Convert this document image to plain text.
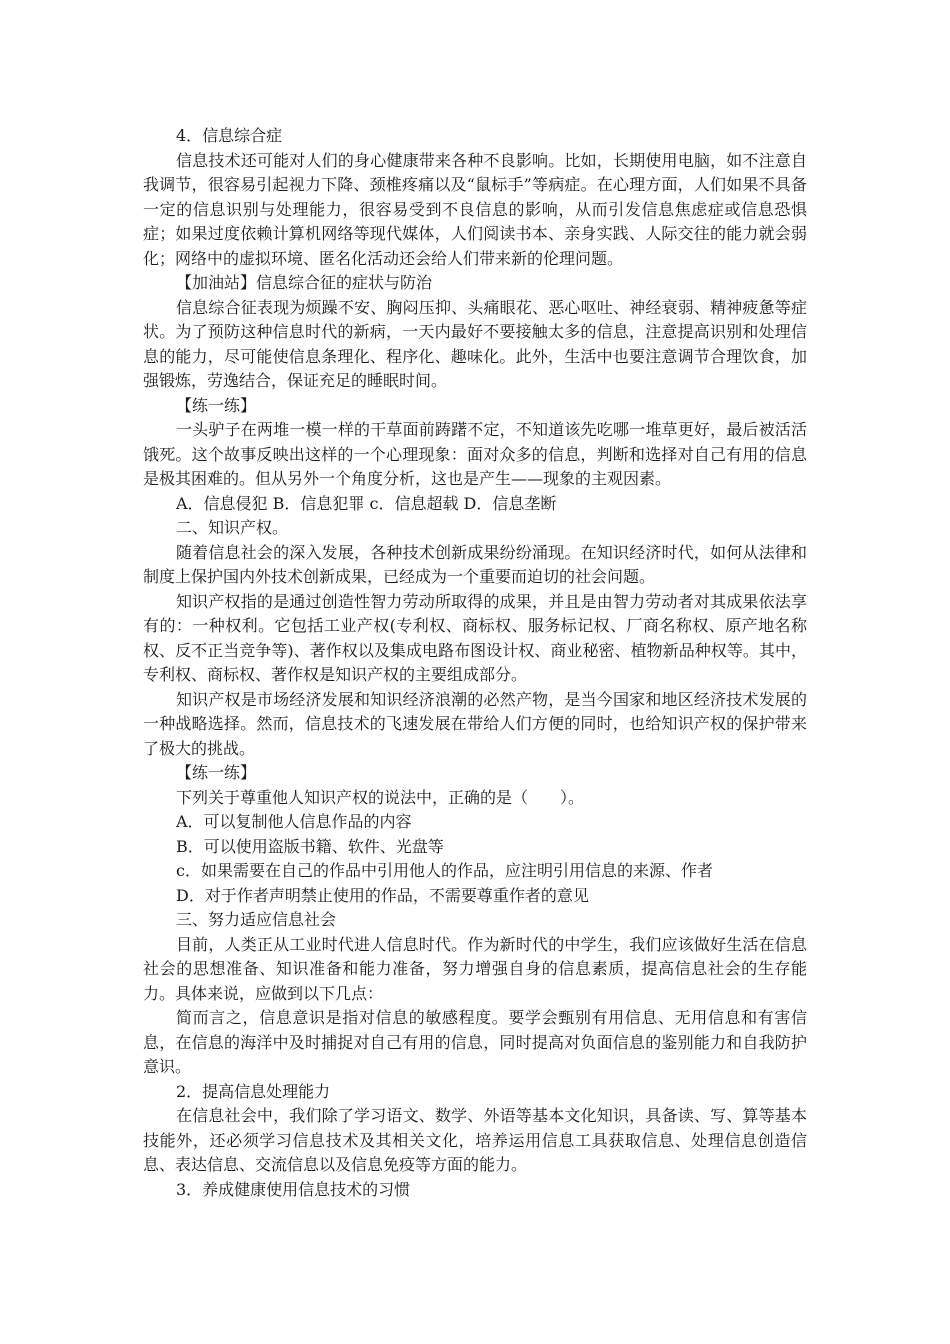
4．信息综合症

信息技术还可能对人们的身心健康带来各种不良影响。比如，长期使用电脑，如不注意自我调节，很容易引起视力下降、颈椎疼痛以及“鼠标手”等病症。在心理方面，人们如果不具备一定的信息识别与处理能力，很容易受到不良信息的影响，从而引发信息焦虑症或信息恐惧症；如果过度依赖计算机网络等现代媒体，人们阅读书本、亲身实践、人际交往的能力就会弱化；网络中的虚拟环境、匿名化活动还会给人们带来新的伦理问题。

【加油站】信息综合征的症状与防治

信息综合征表现为烦躁不安、胸闷压抑、头痛眼花、恶心呕吐、神经衰弱、精神疲惫等症状。为了预防这种信息时代的新病，一天内最好不要接触太多的信息，注意提高识别和处理信息的能力，尽可能使信息条理化、程序化、趣味化。此外，生活中也要注意调节合理饮食，加强锻炼，劳逸结合，保证充足的睡眠时间。

【练一练】

一头驴子在两堆一模一样的干草面前踌躇不定，不知道该先吃哪一堆草更好，最后被活活饿死。这个故事反映出这样的一个心理现象：面对众多的信息，判断和选择对自己有用的信息是极其困难的。但从另外一个角度分析，这也是产生——现象的主观因素。

A．信息侵犯 B．信息犯罪 c．信息超载 D．信息垄断

二、知识产权。

随着信息社会的深入发展，各种技术创新成果纷纷涌现。在知识经济时代，如何从法律和制度上保护国内外技术创新成果，已经成为一个重要而迫切的社会问题。

知识产权指的是通过创造性智力劳动所取得的成果，并且是由智力劳动者对其成果依法享有的：一种权利。它包括工业产权(专利权、商标权、服务标记权、厂商名称权、原产地名称权、反不正当竞争等)、著作权以及集成电路布图设计权、商业秘密、植物新品种权等。其中，专利权、商标权、著作权是知识产权的主要组成部分。

知识产权是市场经济发展和知识经济浪潮的必然产物，是当今国家和地区经济技术发展的一种战略选择。然而，信息技术的飞速发展在带给人们方便的同时，也给知识产权的保护带来了极大的挑战。

【练一练】

下列关于尊重他人知识产权的说法中，正确的是（　　）。

A．可以复制他人信息作品的内容

B．可以使用盗版书籍、软件、光盘等

c．如果需要在自己的作品中引用他人的作品，应注明引用信息的来源、作者

D．对于作者声明禁止使用的作品，不需要尊重作者的意见

三、努力适应信息社会

目前，人类正从工业时代进人信息时代。作为新时代的中学生，我们应该做好生活在信息社会的思想准备、知识准备和能力准备，努力增强自身的信息素质，提高信息社会的生存能力。具体来说，应做到以下几点：

简而言之，信息意识是指对信息的敏感程度。要学会甄别有用信息、无用信息和有害信息，在信息的海洋中及时捕捉对自己有用的信息，同时提高对负面信息的鉴别能力和自我防护意识。

2．提高信息处理能力

在信息社会中，我们除了学习语文、数学、外语等基本文化知识，具备读、写、算等基本技能外，还必须学习信息技术及其相关文化，培养运用信息工具获取信息、处理信息创造信息、表达信息、交流信息以及信息免疫等方面的能力。

3．养成健康使用信息技术的习惯
